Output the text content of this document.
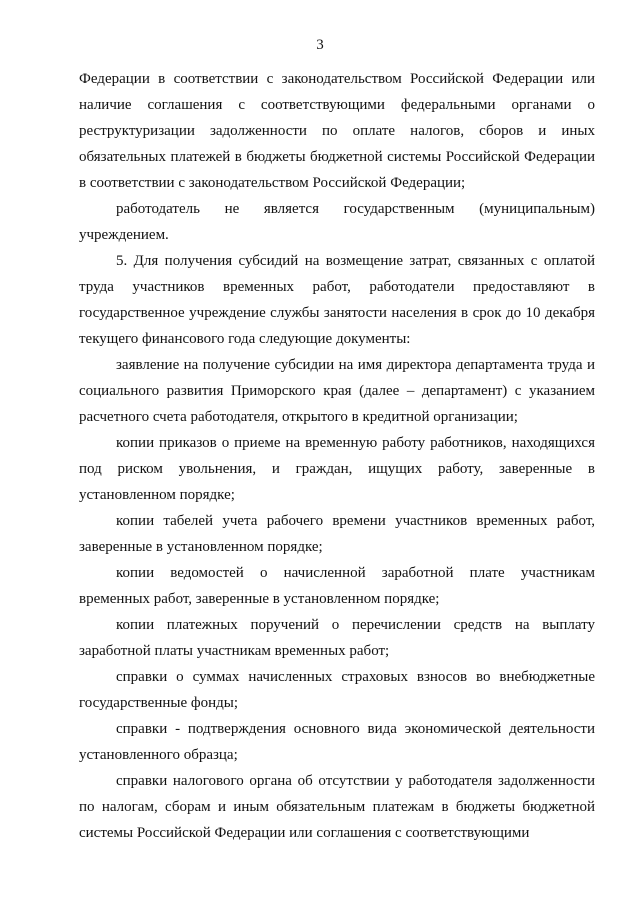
3
Федерации в соответствии с законодательством Российской Федерации или
наличие соглашения с соответствующими федеральными органами о
реструктуризации задолженности по оплате налогов, сборов и иных
обязательных платежей в бюджеты бюджетной системы Российской Федерации
в соответствии с законодательством Российской Федерации;
работодатель не является государственным (муниципальным)
учреждением.
5. Для получения субсидий на возмещение затрат, связанных с оплатой
труда участников временных работ, работодатели предоставляют в
государственное учреждение службы занятости населения в срок до 10 декабря
текущего финансового года следующие документы:
заявление на получение субсидии на имя директора департамента труда и
социального развития Приморского края (далее – департамент) с указанием
расчетного счета работодателя, открытого в кредитной организации;
копии приказов о приеме на временную работу работников, находящихся
под риском увольнения, и граждан, ищущих работу, заверенные в
установленном порядке;
копии табелей учета рабочего времени участников временных работ,
заверенные в установленном порядке;
копии ведомостей о начисленной заработной плате участникам
временных работ, заверенные в установленном порядке;
копии платежных поручений о перечислении средств на выплату
заработной платы участникам временных работ;
справки о суммах начисленных страховых взносов во внебюджетные
государственные фонды;
справки - подтверждения основного вида экономической деятельности
установленного образца;
справки налогового органа об отсутствии у работодателя задолженности
по налогам, сборам и иным обязательным платежам в бюджеты бюджетной
системы Российской Федерации или соглашения с соответствующими
